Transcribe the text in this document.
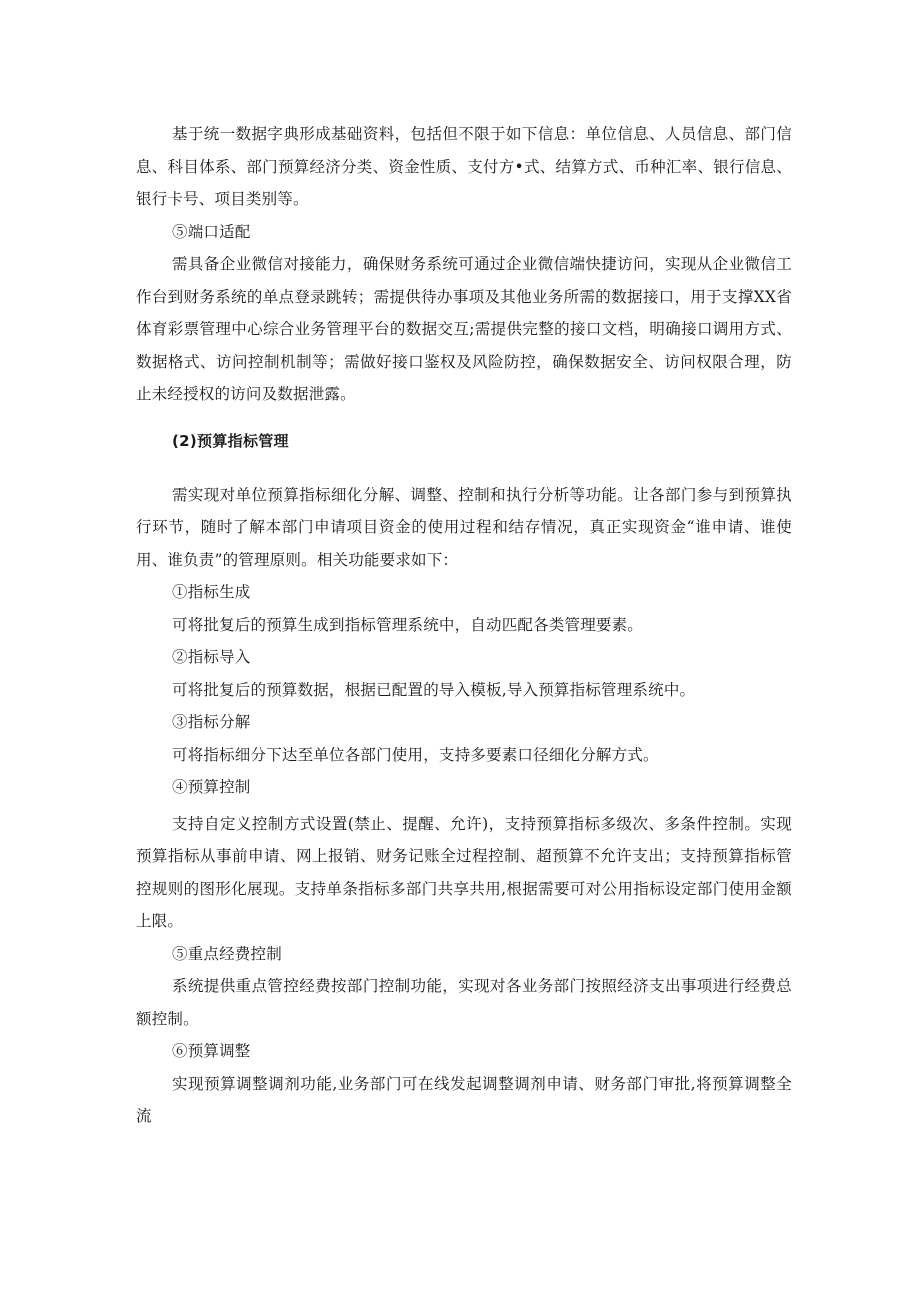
基于统一数据字典形成基础资料，包括但不限于如下信息：单位信息、人员信息、部门信息、科目体系、部门预算经济分类、资金性质、支付方•式、结算方式、币种汇率、银行信息、银行卡号、项目类别等。

⑤端口适配

需具备企业微信对接能力，确保财务系统可通过企业微信端快捷访问，实现从企业微信工作台到财务系统的单点登录跳转；需提供待办事项及其他业务所需的数据接口，用于支撑XX省体育彩票管理中心综合业务管理平台的数据交互;需提供完整的接口文档，明确接口调用方式、数据格式、访问控制机制等；需做好接口鉴权及风险防控，确保数据安全、访问权限合理，防止未经授权的访问及数据泄露。

(2)预算指标管理

需实现对单位预算指标细化分解、调整、控制和执行分析等功能。让各部门参与到预算执行环节，随时了解本部门申请项目资金的使用过程和结存情况，真正实现资金“谁申请、谁使用、谁负责”的管理原则。相关功能要求如下：

①指标生成

可将批复后的预算生成到指标管理系统中，自动匹配各类管理要素。

②指标导入

可将批复后的预算数据，根据已配置的导入模板,导入预算指标管理系统中。

③指标分解

可将指标细分下达至单位各部门使用，支持多要素口径细化分解方式。

④预算控制

支持自定义控制方式设置(禁止、提醒、允许)，支持预算指标多级次、多条件控制。实现预算指标从事前申请、网上报销、财务记账全过程控制、超预算不允许支出；支持预算指标管控规则的图形化展现。支持单条指标多部门共享共用,根据需要可对公用指标设定部门使用金额上限。

⑤重点经费控制

系统提供重点管控经费按部门控制功能，实现对各业务部门按照经济支出事项进行经费总额控制。

⑥预算调整

实现预算调整调剂功能,业务部门可在线发起调整调剂申请、财务部门审批,将预算调整全流
